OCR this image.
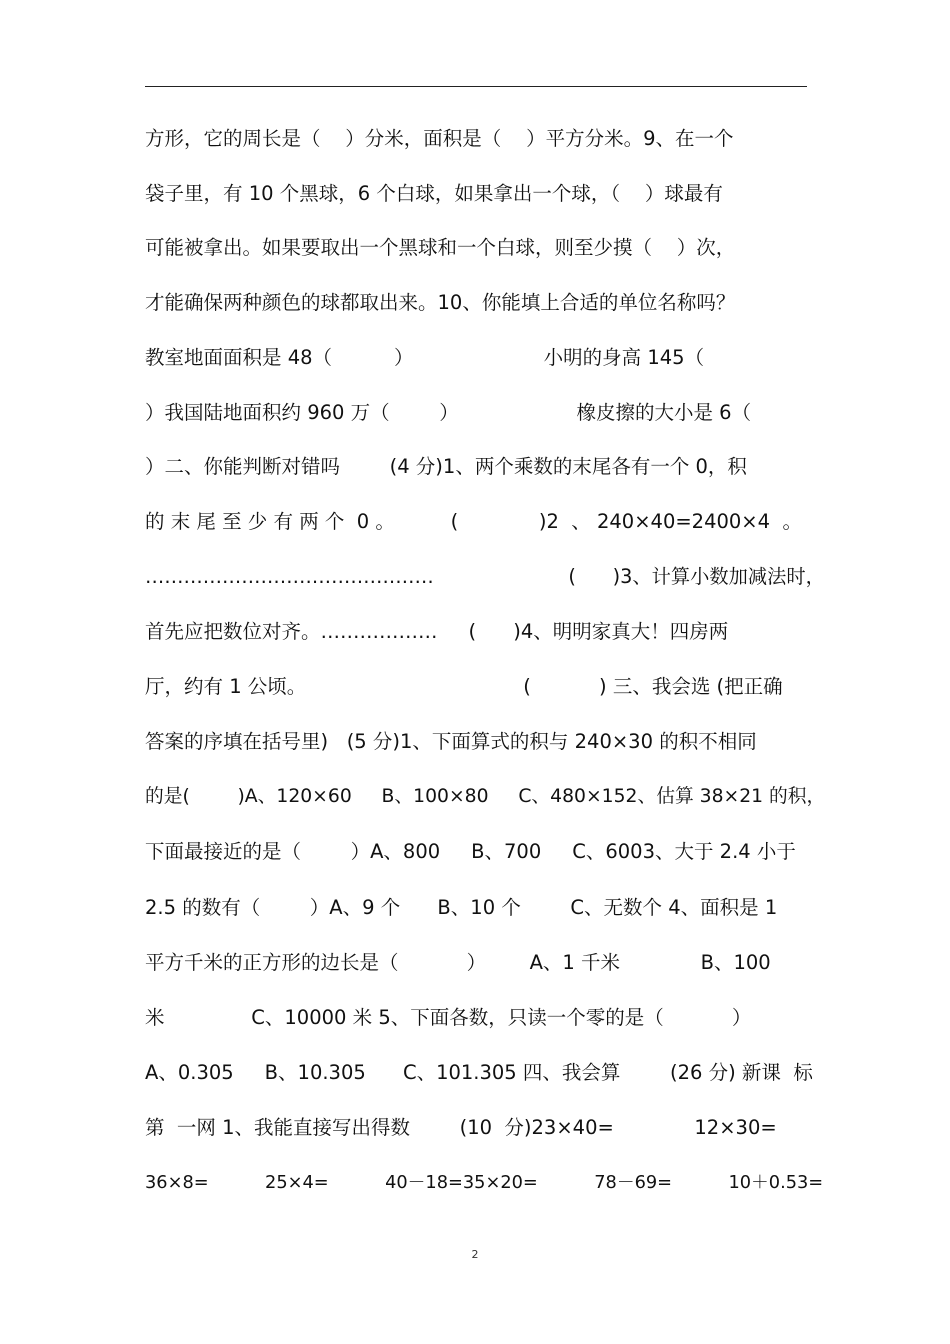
方形，它的周长是（    ）分米，面积是（    ）平方分米。9、在一个
袋子里，有 10 个黑球，6 个白球，如果拿出一个球，（    ）球最有
可能被拿出。如果要取出一个黑球和一个白球，则至少摸（    ）次，
才能确保两种颜色的球都取出来。10、你能填上合适的单位名称吗？
教室地面面积是 48（          ）                     小明的身高 145（
）我国陆地面积约 960 万（        ）                   橡皮擦的大小是 6（
）二、你能判断对错吗        (4 分)1、两个乘数的末尾各有一个 0，积
的 末 尾 至 少 有 两 个  0 。         (             )2  、 240×40=2400×4  。
………………………………………                      (      )3、计算小数加减法时，
首先应把数位对齐。………………     (      )4、明明家真大！四房两
厅，约有 1 公顷。                                   (           ) 三、我会选 (把正确
答案的序填在括号里)   (5 分)1、下面算式的积与 240×30 的积不相同
的是(        )A、120×60     B、100×80     C、480×152、估算 38×21 的积，
下面最接近的是（        ）A、800     B、700     C、6003、大于 2.4 小于
2.5 的数有（        ）A、9 个      B、10 个        C、无数个 4、面积是 1
平方千米的正方形的边长是（           ）       A、1 千米             B、100
米              C、10000 米 5、下面各数，只读一个零的是（           ）
A、0.305     B、10.305      C、101.305 四、我会算        (26 分) 新课  标
第  一网 1、我能直接写出得数        (10  分)23×40=             12×30=
36×8=          25×4=          40－18=35×20=          78－69=          10＋0.53=
2
